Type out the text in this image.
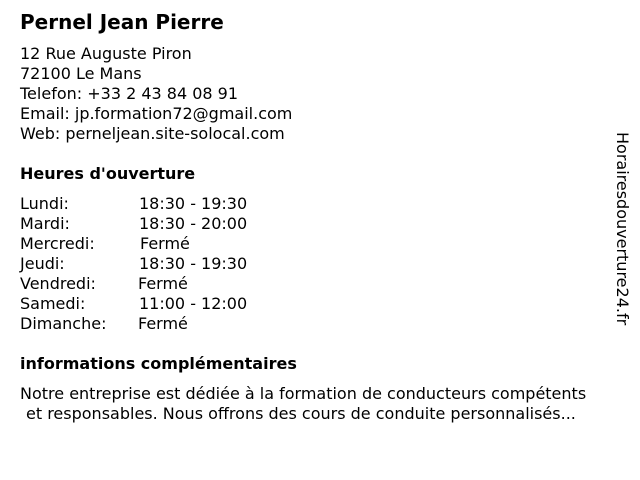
Pernel Jean Pierre
12 Rue Auguste Piron
72100 Le Mans
Telefon: +33 2 43 84 08 91
Email: jp.formation72@gmail.com
Web: perneljean.site-solocal.com
Heures d'ouverture
Lundi:	18:30 - 19:30
Mardi:	18:30 - 20:00
Mercredi:	Fermé
Jeudi:	18:30 - 19:30
Vendredi:	Fermé
Samedi:	11:00 - 12:00
Dimanche: Fermé
informations complémentaires
Notre entreprise est dédiée à la formation de conducteurs compétents
et responsables. Nous offrons des cours de conduite personnalisés...
Horairesdouverture24.fr
